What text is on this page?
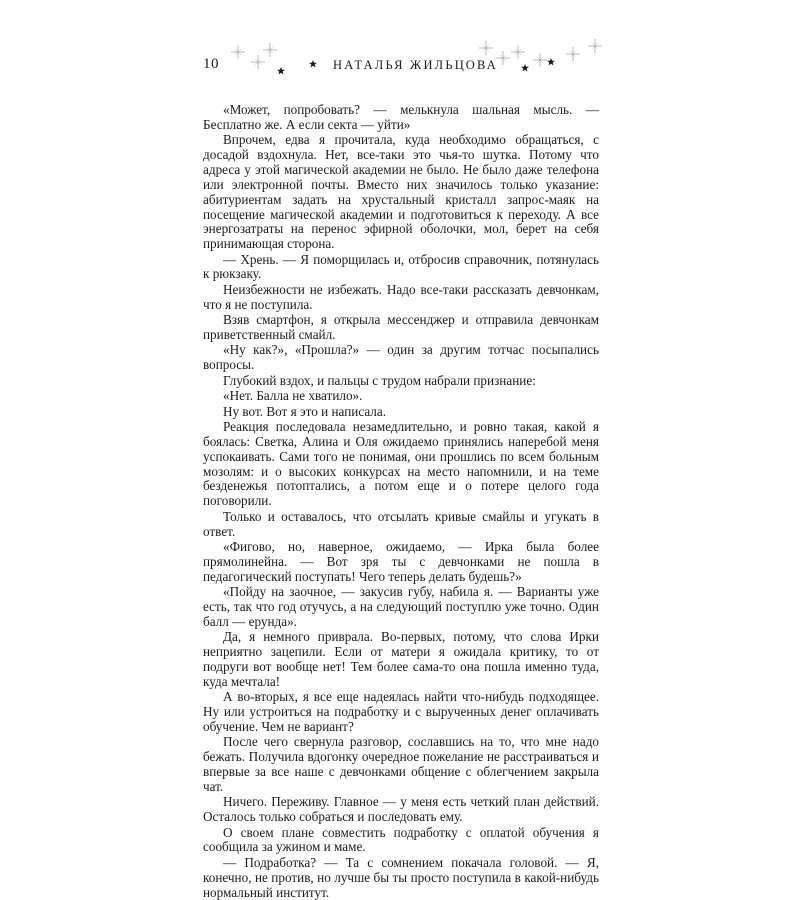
10	НАТАЛЬЯ ЖИЛЬЦОВА

«Может, попробовать? — мелькнула шальная мысль. — Бесплатно же. А если секта — уйти»

Впрочем, едва я прочитала, куда необходимо обращаться, с досадой вздохнула. Нет, все-таки это чья-то шутка. Потому что адреса у этой магической академии не было. Не было даже телефона или электронной почты. Вместо них значилось только указание: абитуриентам задать на хрустальный кристалл запрос-маяк на посещение магической академии и подготовиться к переходу. А все энергозатраты на перенос эфирной оболочки, мол, берет на себя принимающая сторона.

— Хрень. — Я поморщилась и, отбросив справочник, потянулась к рюкзаку.

Неизбежности не избежать. Надо все-таки рассказать девчонкам, что я не поступила.

Взяв смартфон, я открыла мессенджер и отправила девчонкам приветственный смайл.

«Ну как?», «Прошла?» — один за другим тотчас посыпались вопросы.

Глубокий вздох, и пальцы с трудом набрали признание:

«Нет. Балла не хватило».

Ну вот. Вот я это и написала.

Реакция последовала незамедлительно, и ровно такая, какой я боялась: Светка, Алина и Оля ожидаемо принялись наперебой меня успокаивать. Сами того не понимая, они прошлись по всем больным мозолям: и о высоких конкурсах на место напомнили, и на теме безденежья потоптались, а потом еще и о потере целого года поговорили.

Только и оставалось, что отсылать кривые смайлы и угукать в ответ.

«Фигово, но, наверное, ожидаемо, — Ирка была более прямолинейна. — Вот зря ты с девчонками не пошла в педагогический поступать! Чего теперь делать будешь?»

«Пойду на заочное, — закусив губу, набила я. — Варианты уже есть, так что год отучусь, а на следующий поступлю уже точно. Один балл — ерунда».

Да, я немного приврала. Во-первых, потому, что слова Ирки неприятно зацепили. Если от матери я ожидала критику, то от подруги вот вообще нет! Тем более сама-то она пошла именно туда, куда мечтала!

А во-вторых, я все еще надеялась найти что-нибудь подходящее. Ну или устроиться на подработку и с вырученных денег оплачивать обучение. Чем не вариант?

После чего свернула разговор, сославшись на то, что мне надо бежать. Получила вдогонку очередное пожелание не расстраиваться и впервые за все наше с девчонками общение с облегчением закрыла чат.

Ничего. Переживу. Главное — у меня есть четкий план действий. Осталось только собраться и последовать ему.

О своем плане совместить подработку с оплатой обучения я сообщила за ужином и маме.

— Подработка? — Та с сомнением покачала головой. — Я, конечно, не против, но лучше бы ты просто поступила в какой-нибудь нормальный институт.
